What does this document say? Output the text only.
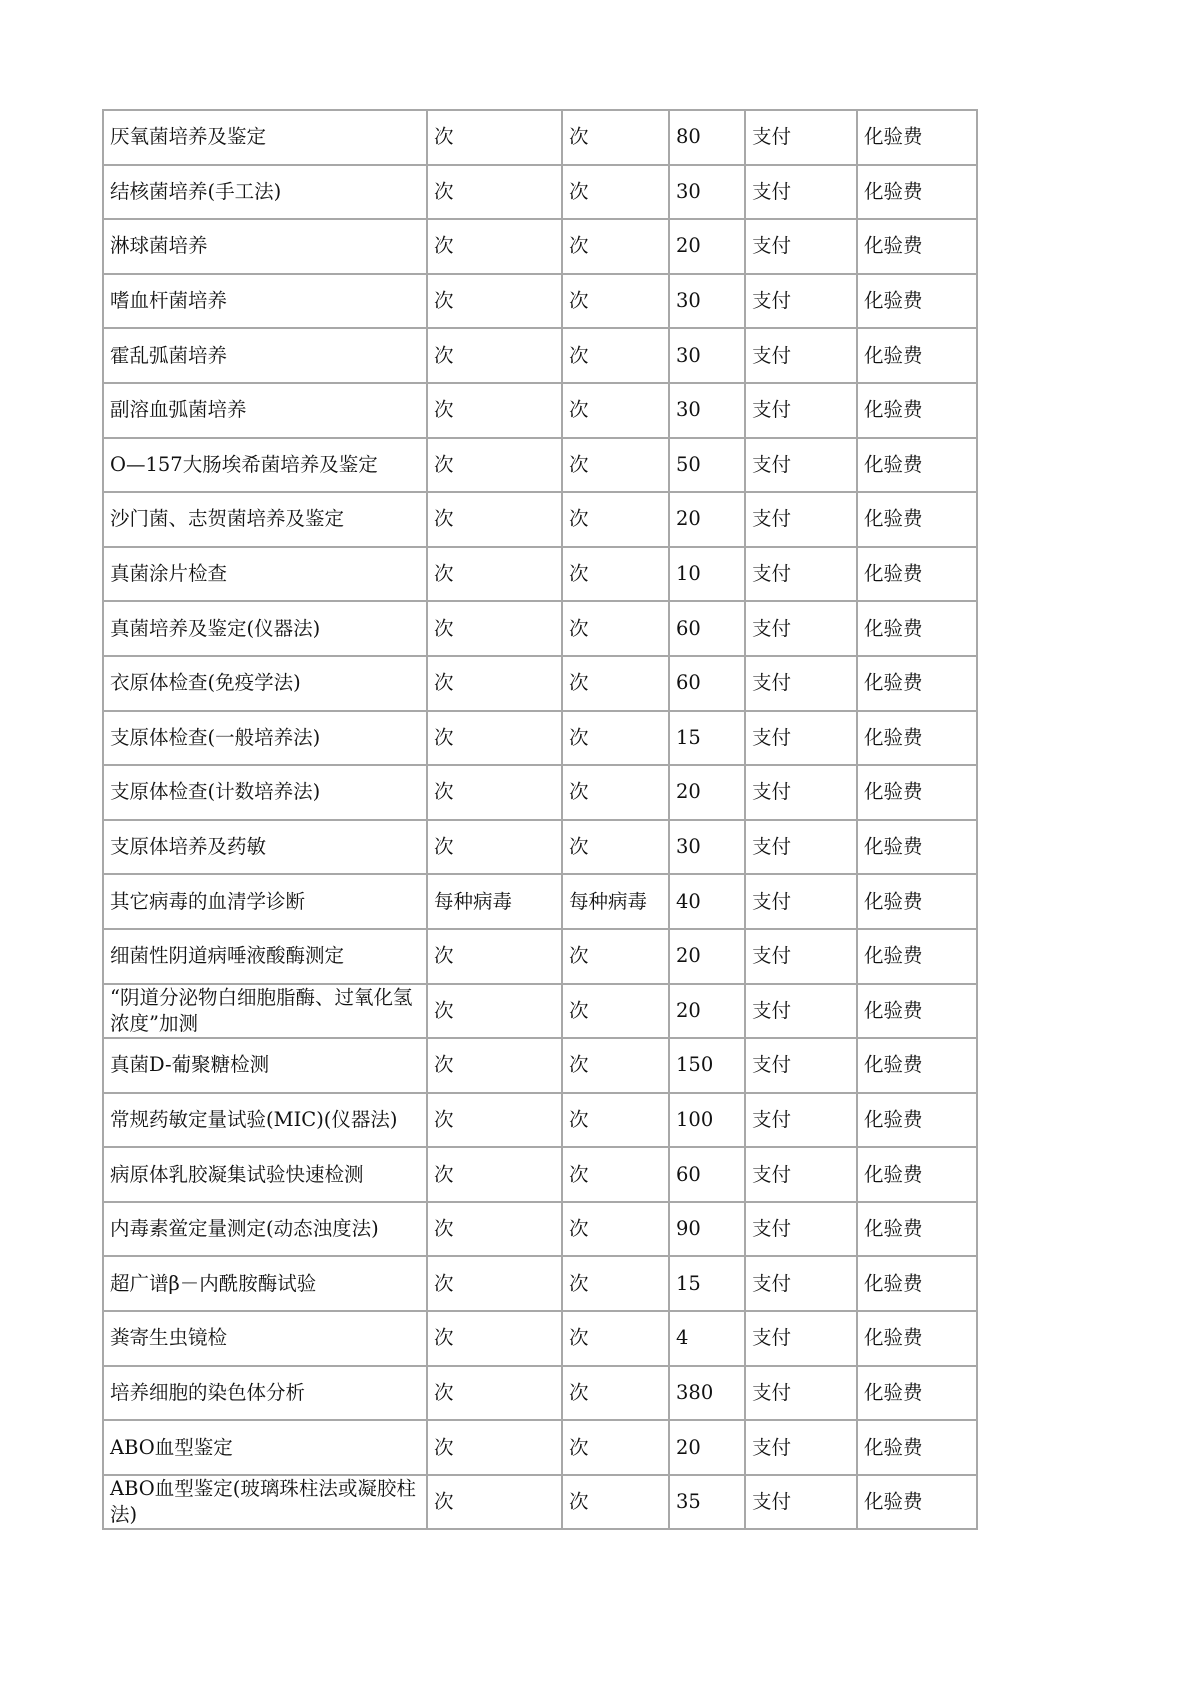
厌氧菌培养及鉴定	次	次	80	支付	化验费
结核菌培养(手工法)	次	次	30	支付	化验费
淋球菌培养	次	次	20	支付	化验费
嗜血杆菌培养	次	次	30	支付	化验费
霍乱弧菌培养	次	次	30	支付	化验费
副溶血弧菌培养	次	次	30	支付	化验费
O—157大肠埃希菌培养及鉴定	次	次	50	支付	化验费
沙门菌、志贺菌培养及鉴定	次	次	20	支付	化验费
真菌涂片检查	次	次	10	支付	化验费
真菌培养及鉴定(仪器法)	次	次	60	支付	化验费
衣原体检查(免疫学法)	次	次	60	支付	化验费
支原体检查(一般培养法)	次	次	15	支付	化验费
支原体检查(计数培养法)	次	次	20	支付	化验费
支原体培养及药敏	次	次	30	支付	化验费
其它病毒的血清学诊断	每种病毒	每种病毒	40	支付	化验费
细菌性阴道病唾液酸酶测定	次	次	20	支付	化验费
“阴道分泌物白细胞脂酶、过氧化氢浓度”加测	次	次	20	支付	化验费
真菌D-葡聚糖检测	次	次	150	支付	化验费
常规药敏定量试验(MIC)(仪器法)	次	次	100	支付	化验费
病原体乳胶凝集试验快速检测	次	次	60	支付	化验费
内毒素鲎定量测定(动态浊度法)	次	次	90	支付	化验费
超广谱β－内酰胺酶试验	次	次	15	支付	化验费
粪寄生虫镜检	次	次	4	支付	化验费
培养细胞的染色体分析	次	次	380	支付	化验费
ABO血型鉴定	次	次	20	支付	化验费
ABO血型鉴定(玻璃珠柱法或凝胶柱法)	次	次	35	支付	化验费
